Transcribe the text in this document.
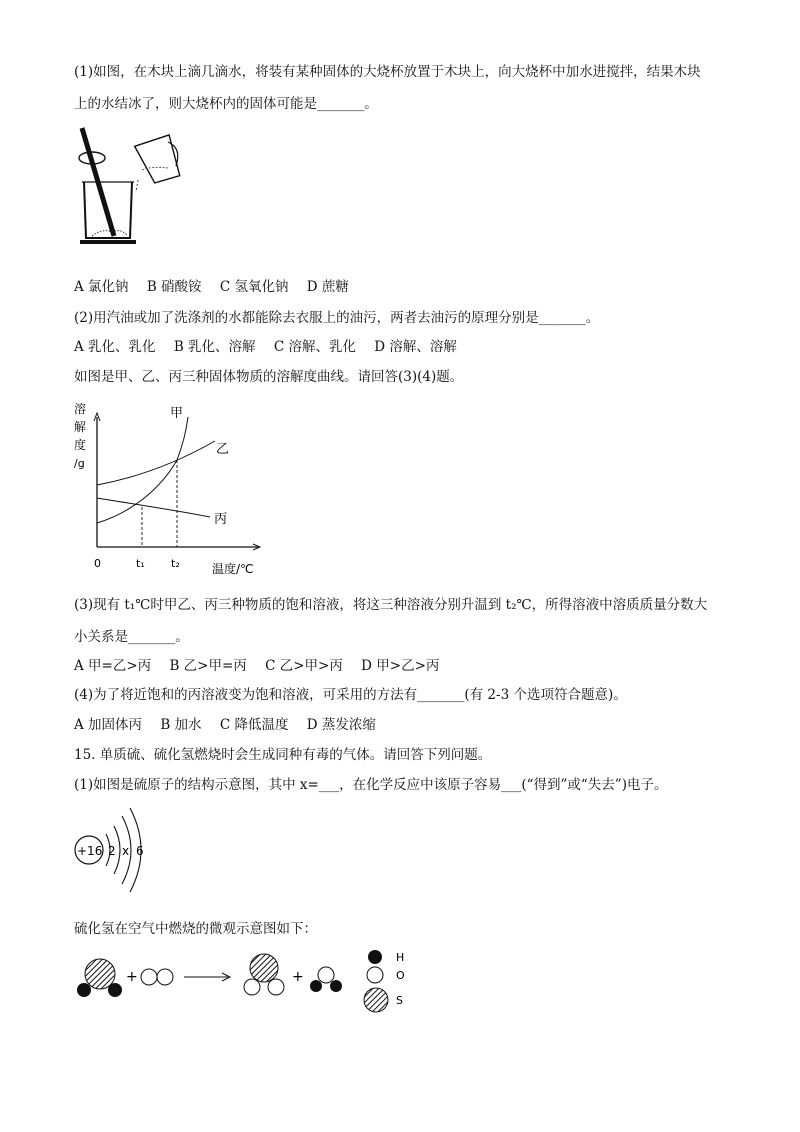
(1)如图，在木块上滴几滴水，将装有某种固体的大烧杯放置于木块上，向大烧杯中加水进搅拌，结果木块
上的水结冰了，则大烧杯内的固体可能是_______。
A 氯化钠 B 硝酸铵 C 氢氧化钠 D 蔗糖
(2)用汽油或加了洗涤剂的水都能除去衣服上的油污，两者去油污的原理分别是_______。
A 乳化、乳化 B 乳化、溶解 C 溶解、乳化 D 溶解、溶解
如图是甲、乙、丙三种固体物质的溶解度曲线。请回答(3)(4)题。
溶
解
度
/g
甲
乙
丙
0	t₁ t₂	温度/℃
(3)现有 t₁℃时甲乙、丙三种物质的饱和溶液，将这三种溶液分别升温到 t₂℃，所得溶液中溶质质量分数大
小关系是_______。
A 甲=乙>丙 B 乙>甲=丙 C 乙>甲>丙 D 甲>乙>丙
(4)为了将近饱和的丙溶液变为饱和溶液，可采用的方法有_______(有 2-3 个选项符合题意)。
A 加固体丙 B 加水 C 降低温度 D 蒸发浓缩
15. 单质硫、硫化氢燃烧时会生成同种有毒的气体。请回答下列问题。
(1)如图是硫原子的结构示意图，其中 x=___，在化学反应中该原子容易___(“得到”或“失去”)电子。
+16 2 x 6
硫化氢在空气中燃烧的微观示意图如下：
+	+
H
O
S
